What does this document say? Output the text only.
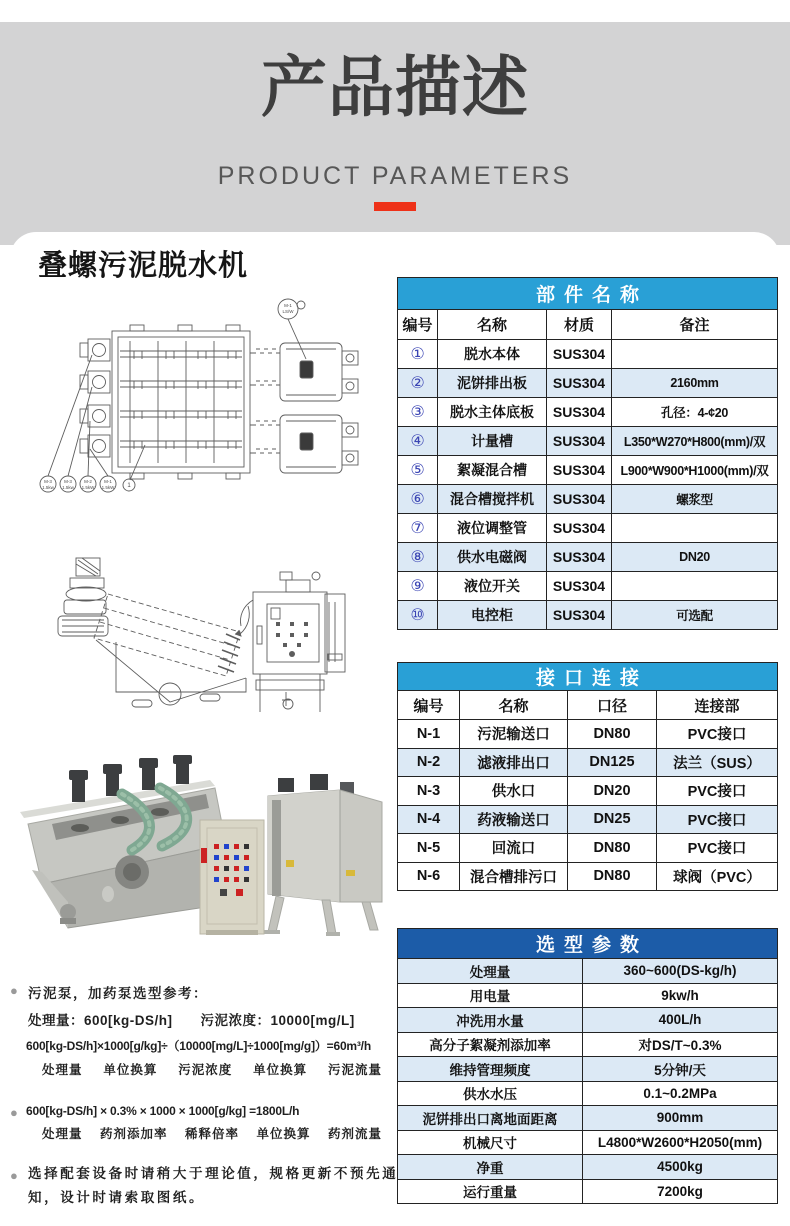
产品描述
PRODUCT PARAMETERS
叠螺污泥脱水机
M-1
LS/W
M-3
1.5kw
M-3
1.5kw
M-2
1.5kW
M-1
1.5kW 1
部件名称			
编号	名称	材质	备注
①	脱水本体	SUS304	
②	泥饼排出板	SUS304	2160mm
③	脱水主体底板	SUS304	孔径：4-¢20
④	计量槽	SUS304	L350*W270*H800(mm)/双
⑤	絮凝混合槽	SUS304	L900*W900*H1000(mm)/双
⑥	混合槽搅拌机	SUS304	螺浆型
⑦	液位调整管	SUS304	
⑧	供水电磁阀	SUS304	DN20
⑨	液位开关	SUS304	
⑩	电控柜	SUS304	可选配
接口连接			
编号	名称	口径	连接部
N-1	污泥输送口	DN80	PVC接口
N-2	滤液排出口	DN125	法兰（SUS）
N-3	供水口	DN20	PVC接口
N-4	药液输送口	DN25	PVC接口
N-5	回流口	DN80	PVC接口
N-6	混合槽排污口	DN80	球阀（PVC）
选型参数	
处理量	360~600(DS-kg/h)
用电量	9kw/h
冲洗用水量	400L/h
高分子絮凝剂添加率	对DS/T~0.3%
维持管理频度	5分钟/天
供水水压	0.1~0.2MPa
泥饼排出口离地面距离	900mm
机械尺寸	L4800*W2600*H2050(mm)
净重	4500kg
运行重量	7200kg
● 污泥泵，加药泵选型参考：
处理量：600[kg-DS/h]　　污泥浓度：10000[mg/L]
600[kg-DS/h]×1000[g/kg]÷（10000[mg/L]÷1000[mg/g]）=60m³/h
处理量 单位换算 污泥浓度 单位换算 污泥流量
● 600[kg-DS/h] × 0.3% × 1000 × 1000[g/kg] =1800L/h
处理量 药剂添加率 稀释倍率 单位换算 药剂流量
● 选择配套设备时请稍大于理论值，规格更新不预先通知，设计时请索取图纸。
